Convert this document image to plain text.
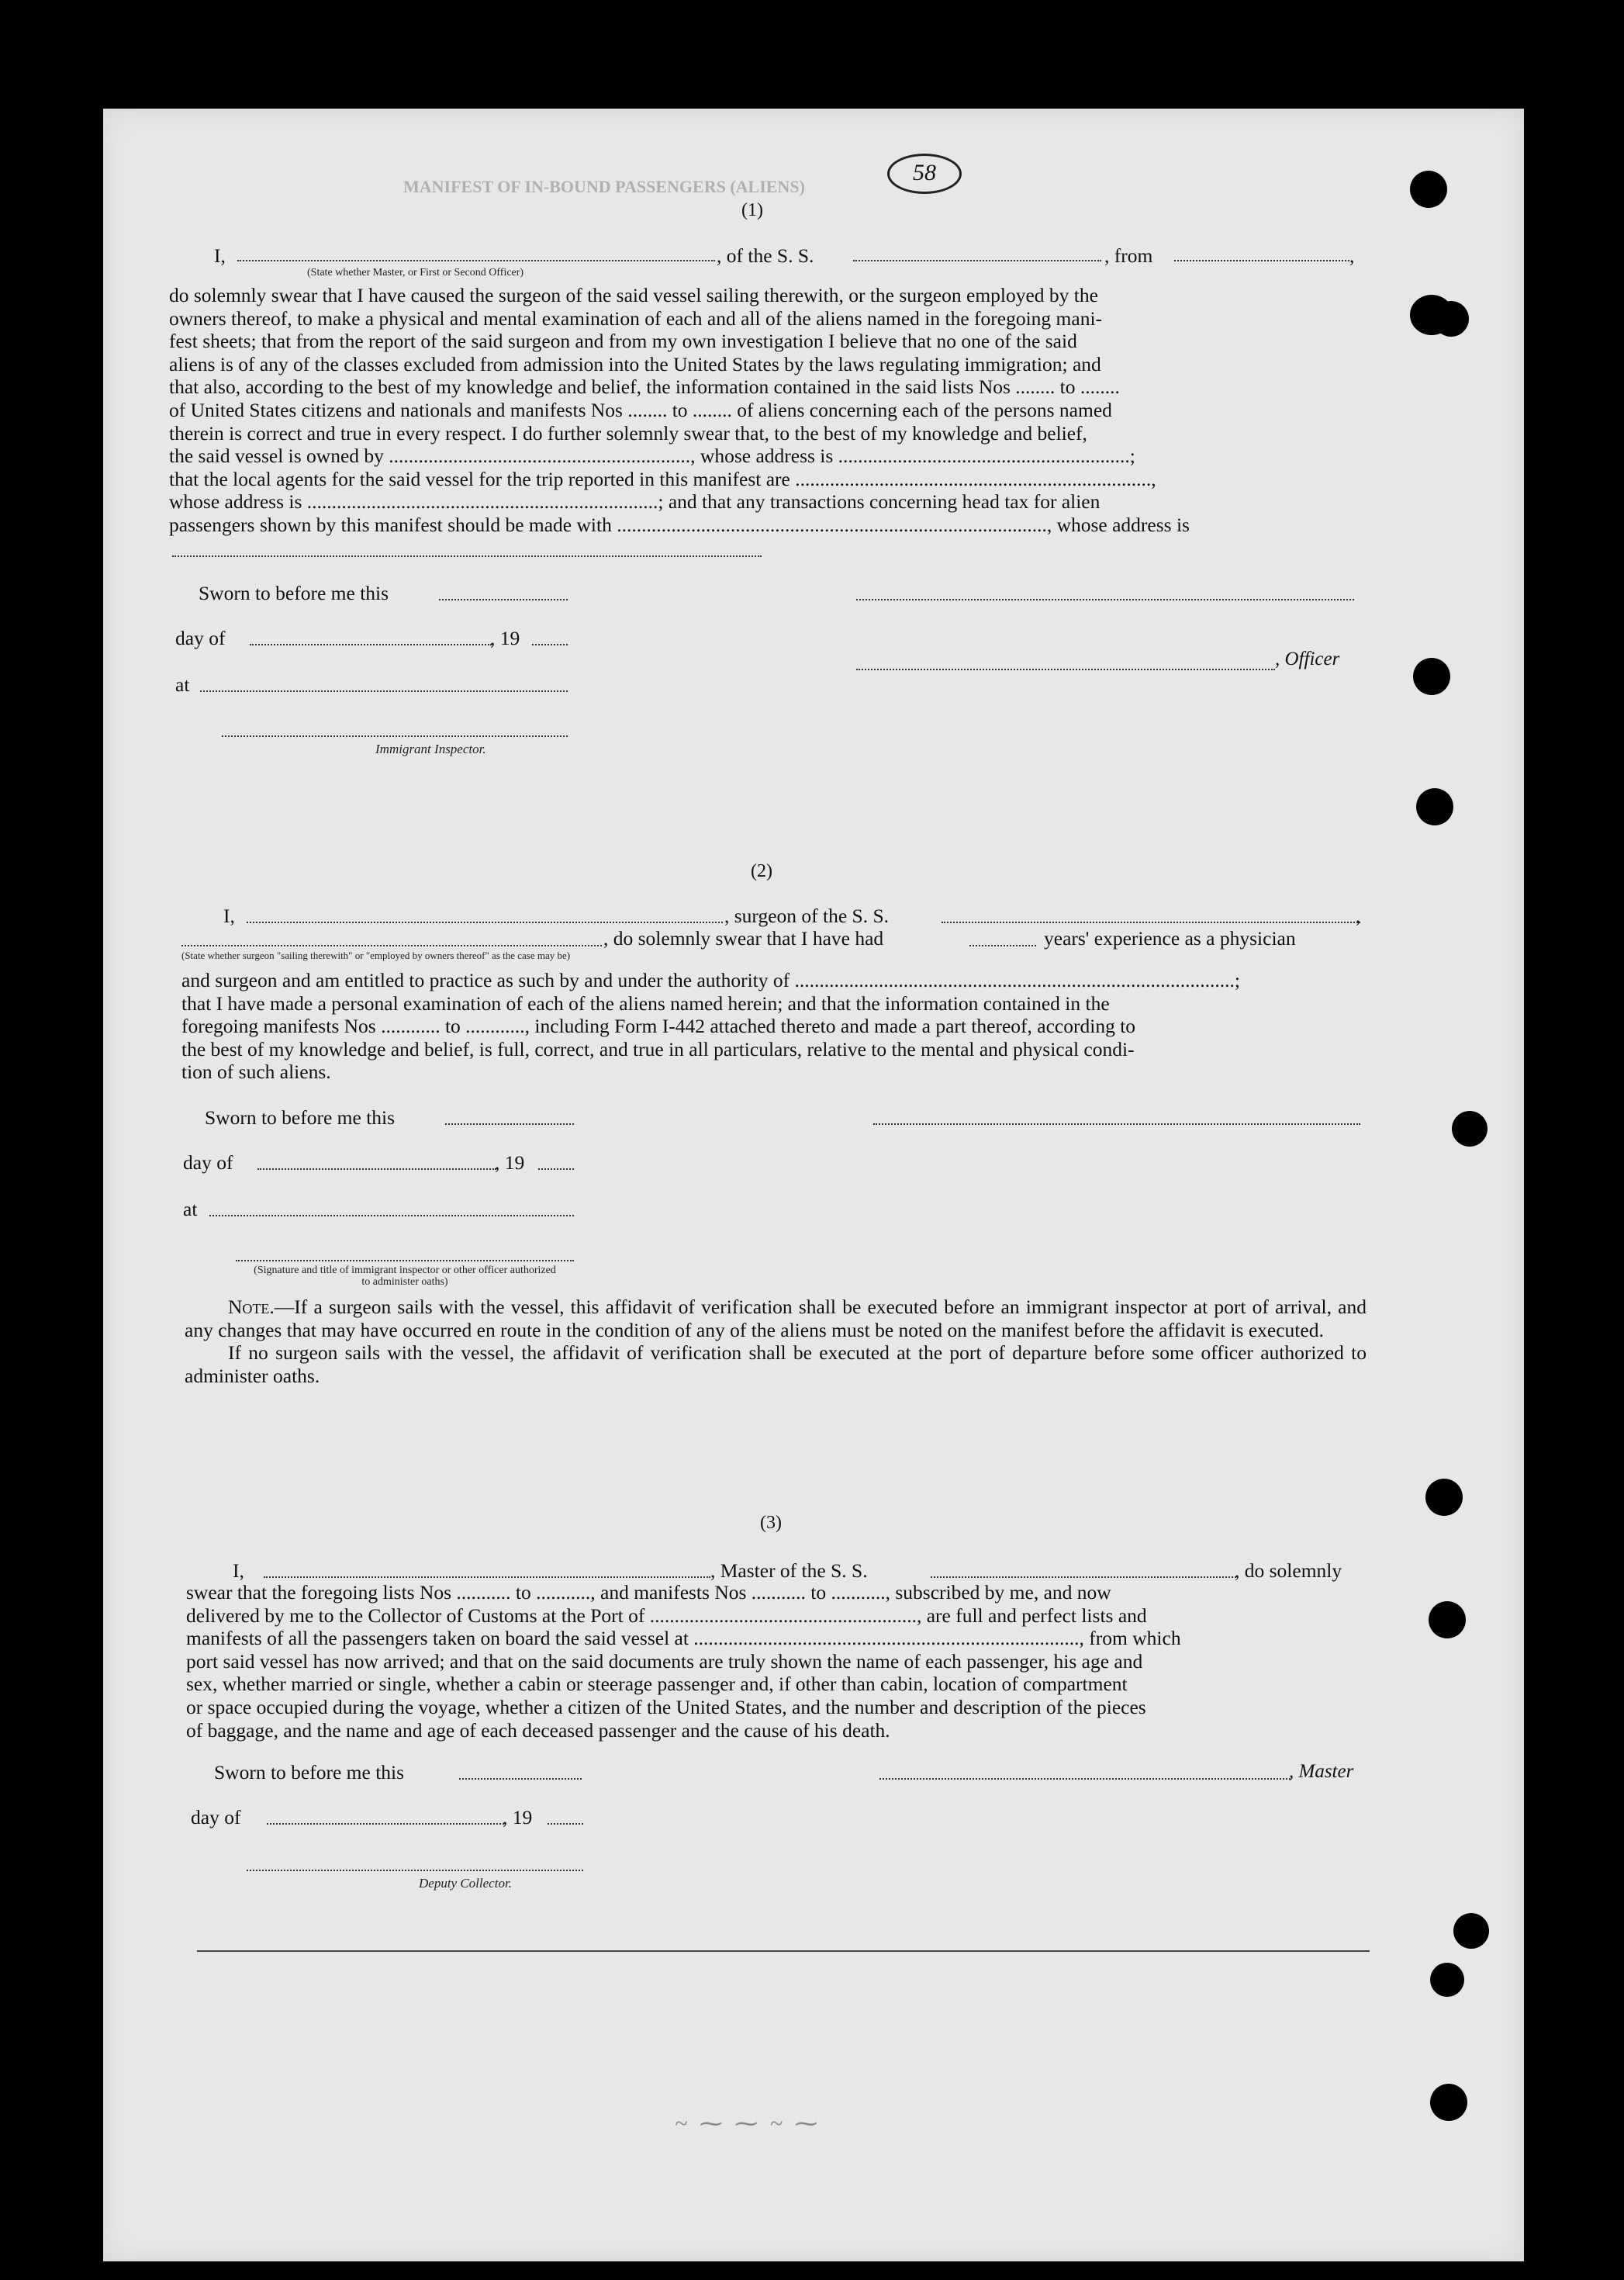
MANIFEST OF IN-BOUND PASSENGERS (ALIENS)
58
(1)
I,	, of the S. S.	, from	,
(State whether Master, or First or Second Officer)

do solemnly swear that I have caused the surgeon of the said vessel sailing therewith, or the surgeon employed by the

owners thereof, to make a physical and mental examination of each and all of the aliens named in the foregoing mani-

fest sheets; that from the report of the said surgeon and from my own investigation I believe that no one of the said

aliens is of any of the classes excluded from admission into the United States by the laws regulating immigration; and

that also, according to the best of my knowledge and belief, the information contained in the said lists Nos ........ to ........

of United States citizens and nationals and manifests Nos ........ to ........ of aliens concerning each of the persons named

therein is correct and true in every respect. I do further solemnly swear that, to the best of my knowledge and belief,

the said vessel is owned by ............................................................., whose address is ...........................................................;

that the local agents for the said vessel for the trip reported in this manifest are ........................................................................,

whose address is .......................................................................; and that any transactions concerning head tax for alien

passengers shown by this manifest should be made with ......................................................................................., whose address is

Sworn to before me this
day of	, 19
, Officer
at
Immigrant Inspector.
(2)
I,	, surgeon of the S. S.	,
, do solemnly swear that I have had	years' experience as a physician
(State whether surgeon "sailing therewith" or "employed by owners thereof" as the case may be)

and surgeon and am entitled to practice as such by and under the authority of .........................................................................................;

that I have made a personal examination of each of the aliens named herein; and that the information contained in the

foregoing manifests Nos ............ to ............, including Form I-442 attached thereto and made a part thereof, according to

the best of my knowledge and belief, is full, correct, and true in all particulars, relative to the mental and physical condi-

tion of such aliens.

Sworn to before me this
day of	, 19
at
(Signature and title of immigrant inspector or other officer authorized to administer oaths)

Note.—If a surgeon sails with the vessel, this affidavit of verification shall be executed before an immigrant inspector at port of arrival, and any changes that may have occurred en route in the condition of any of the aliens must be noted on the manifest before the affidavit is executed.

If no surgeon sails with the vessel, the affidavit of verification shall be executed at the port of departure before some officer authorized to administer oaths.

(3)
I,	, Master of the S. S.	, do solemnly

swear that the foregoing lists Nos ........... to ..........., and manifests Nos ........... to ..........., subscribed by me, and now

delivered by me to the Collector of Customs at the Port of ......................................................, are full and perfect lists and

manifests of all the passengers taken on board the said vessel at .............................................................................., from which

port said vessel has now arrived; and that on the said documents are truly shown the name of each passenger, his age and

sex, whether married or single, whether a cabin or steerage passenger and, if other than cabin, location of compartment

or space occupied during the voyage, whether a citizen of the United States, and the number and description of the pieces

of baggage, and the name and age of each deceased passenger and the cause of his death.

Sworn to before me this	, Master
day of	, 19
Deputy Collector.
~ ⁓ ⁓ ~ ⁓
